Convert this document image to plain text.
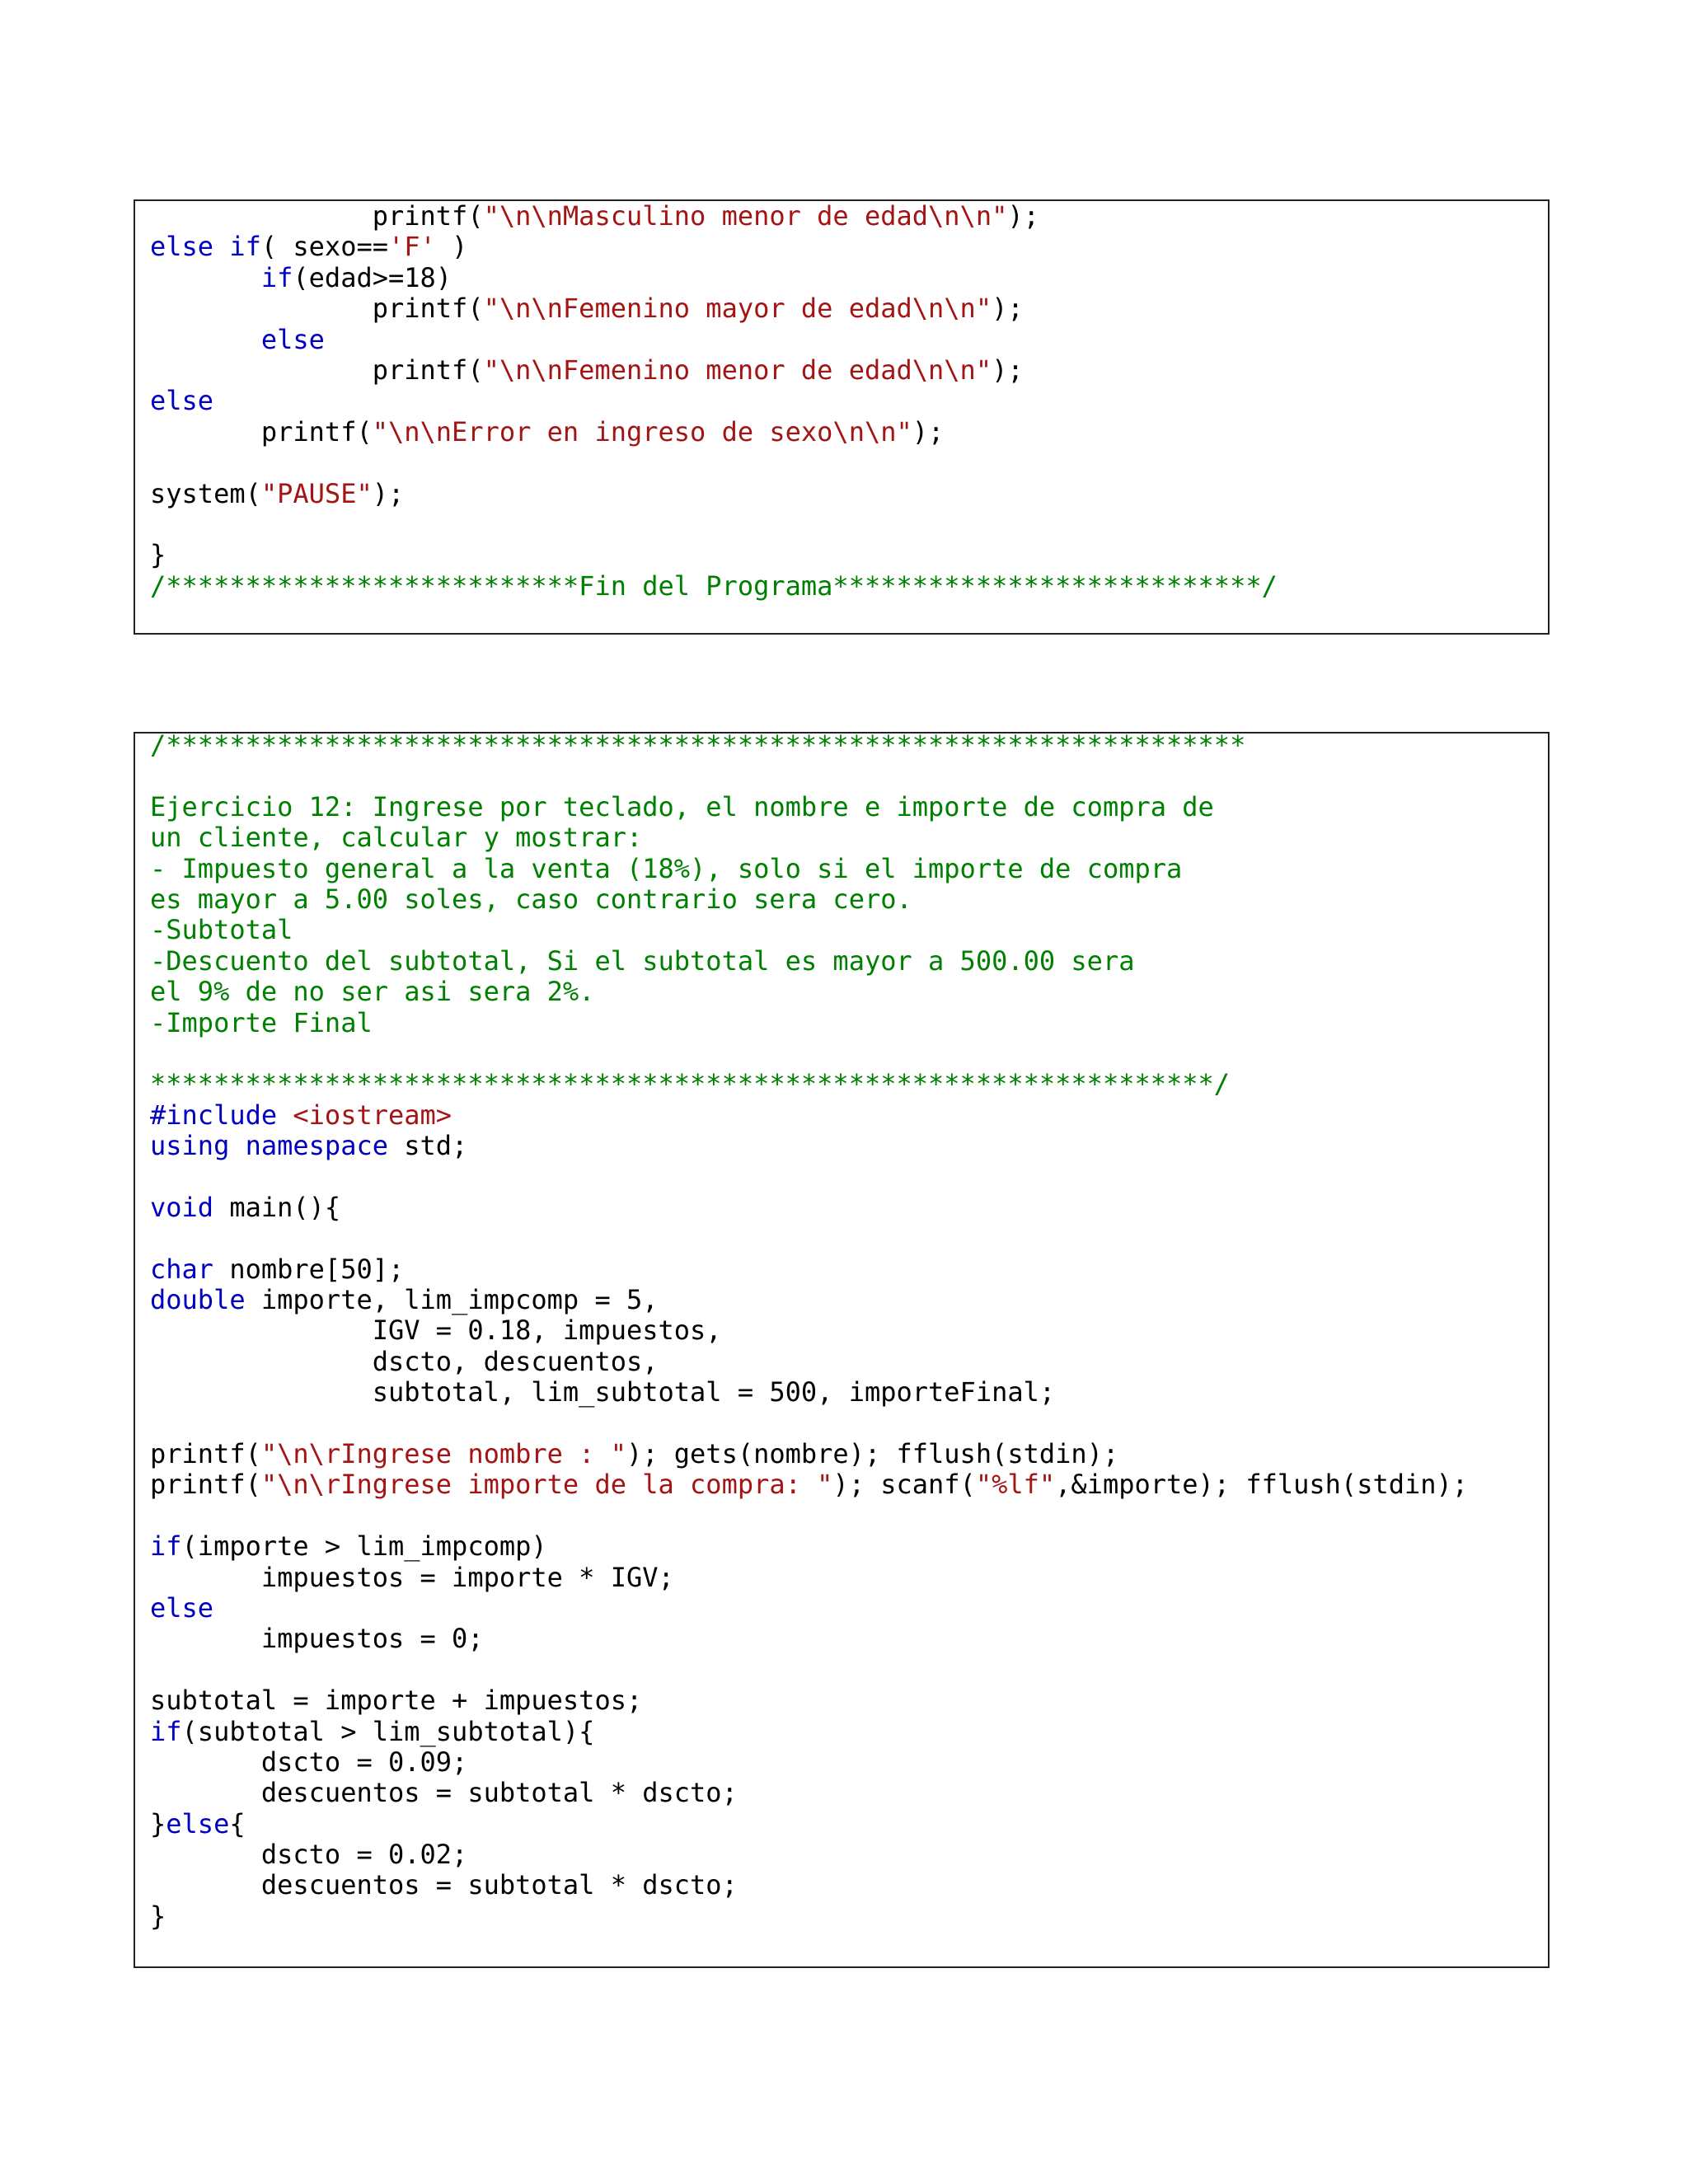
printf("\n\nMasculino menor de edad\n\n");
else if( sexo=='F' )
if(edad>=18)
printf("\n\nFemenino mayor de edad\n\n");
else
printf("\n\nFemenino menor de edad\n\n");
else
printf("\n\nError en ingreso de sexo\n\n");
system("PAUSE");
}
/**************************Fin del Programa***************************/
/********************************************************************
Ejercicio 12: Ingrese por teclado, el nombre e importe de compra de
un cliente, calcular y mostrar:
- Impuesto general a la venta (18%), solo si el importe de compra
es mayor a 5.00 soles, caso contrario sera cero.
-Subtotal
-Descuento del subtotal, Si el subtotal es mayor a 500.00 sera
el 9% de no ser asi sera 2%.
-Importe Final
*******************************************************************/
#include <iostream>
using namespace std;
void main(){
char nombre[50];
double importe, lim_impcomp = 5,
IGV = 0.18, impuestos,
dscto, descuentos,
subtotal, lim_subtotal = 500, importeFinal;
printf("\n\rIngrese nombre : "); gets(nombre); fflush(stdin);
printf("\n\rIngrese importe de la compra: "); scanf("%lf",&importe); fflush(stdin);
if(importe > lim_impcomp)
impuestos = importe * IGV;
else
impuestos = 0;
subtotal = importe + impuestos;
if(subtotal > lim_subtotal){
dscto = 0.09;
descuentos = subtotal * dscto;
}else{
dscto = 0.02;
descuentos = subtotal * dscto;
}
